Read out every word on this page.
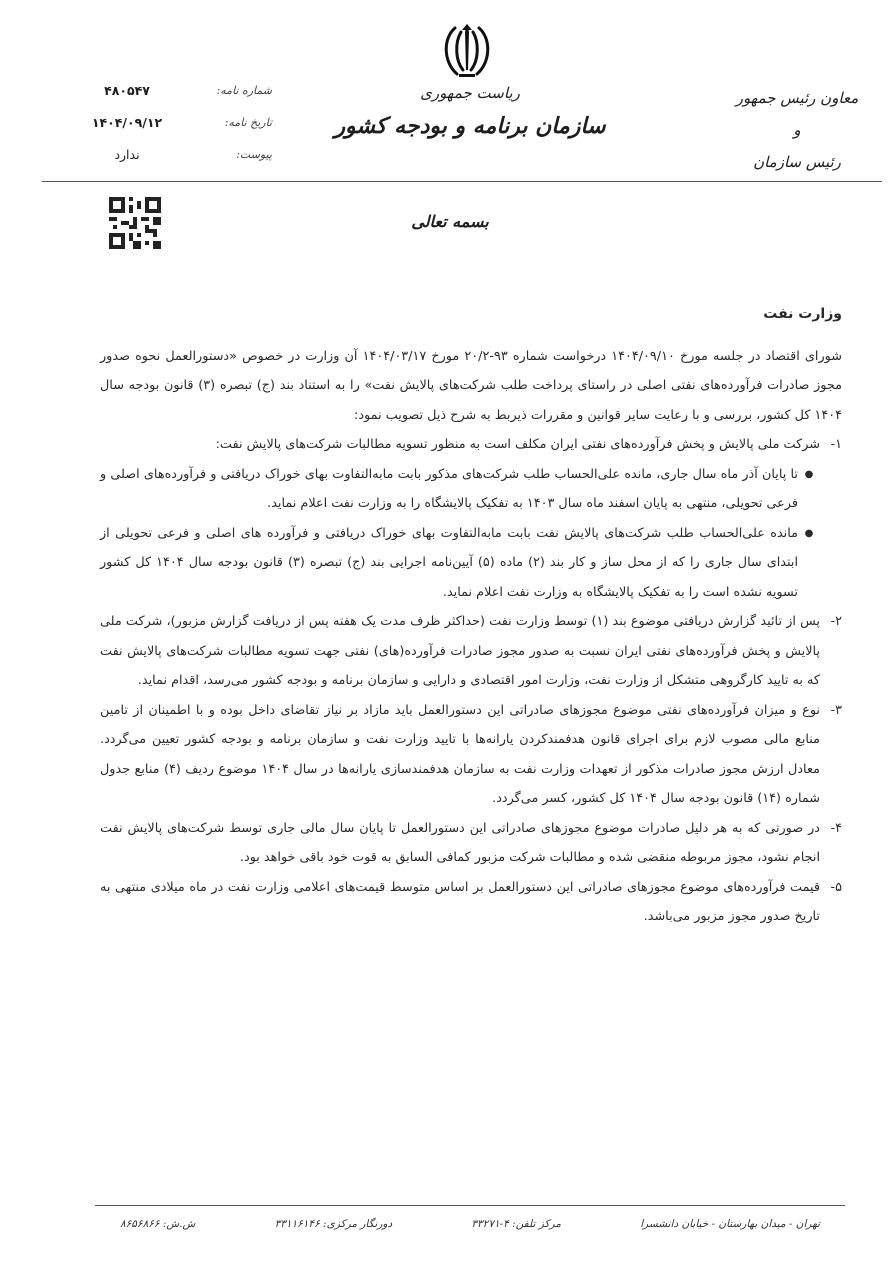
معاون رئیس جمهور
و
رئیس سازمان
ریاست جمهوری
سازمان برنامه و بودجه کشور
شماره نامه:
۴۸۰۵۴۷
تاریخ نامه:
۱۴۰۴/۰۹/۱۲
پیوست:
ندارد
بسمه تعالی
وزارت نفت

شورای اقتصاد در جلسه مورخ ۱۴۰۴/۰۹/۱۰ درخواست شماره ۹۳-۲۰/۲ مورخ ۱۴۰۴/۰۳/۱۷ آن وزارت در خصوص «دستورالعمل نحوه صدور مجوز صادرات فرآورده‌های نفتی اصلی در راستای پرداخت طلب شرکت‌های پالایش نفت» را به استناد بند (ج) تبصره (۳) قانون بودجه سال ۱۴۰۴ کل کشور، بررسی و با رعایت سایر قوانین و مقررات ذیربط به شرح ذیل تصویب نمود:

۱-
شرکت ملی پالایش و پخش فرآورده‌های نفتی ایران مکلف است به منظور تسویه مطالبات شرکت‌های پالایش نفت:
●
تا پایان آذر ماه سال جاری، مانده علی‌الحساب طلب شرکت‌های مذکور بابت مابه‌التفاوت بهای خوراک دریافتی و فرآورده‌های اصلی و فرعی تحویلی، منتهی به پایان اسفند ماه سال ۱۴۰۳ به تفکیک پالایشگاه را به وزارت نفت اعلام نماید.
●
مانده علی‌الحساب طلب شرکت‌های پالایش نفت بابت مابه‌التفاوت بهای خوراک دریافتی و فرآورده های اصلی و فرعی تحویلی از ابتدای سال جاری را که از محل ساز و کار بند (۲) ماده (۵) آیین‌نامه اجرایی بند (ج) تبصره (۳) قانون بودجه سال ۱۴۰۴ کل کشور تسویه نشده است را به تفکیک پالایشگاه به وزارت نفت اعلام نماید.
۲-
پس از تائید گزارش دریافتی موضوع بند (۱) توسط وزارت نفت (حداکثر ظرف مدت یک هفته پس از دریافت گزارش مزبور)، شرکت ملی پالایش و پخش فرآورده‌های نفتی ایران نسبت به صدور مجوز صادرات فرآورده(های) نفتی جهت تسویه مطالبات شرکت‌های پالایش نفت که به تایید کارگروهی متشکل از وزارت نفت، وزارت امور اقتصادی و دارایی و سازمان برنامه و بودجه کشور می‌رسد، اقدام نماید.
۳-
نوع و میزان فرآورده‌های نفتی موضوع مجوزهای صادراتی این دستورالعمل باید مازاد بر نیاز تقاضای داخل بوده و با اطمینان از تامین منابع مالی مصوب لازم برای اجرای قانون هدفمندکردن یارانه‌ها با تایید وزارت نفت و سازمان برنامه و بودجه کشور تعیین می‌گردد. معادل ارزش مجوز صادرات مذکور از تعهدات وزارت نفت به سازمان هدفمندسازی یارانه‌ها در سال ۱۴۰۴ موضوع ردیف (۴) منابع جدول شماره (۱۴) قانون بودجه سال ۱۴۰۴ کل کشور، کسر می‌گردد.
۴-
در صورتی که به هر دلیل صادرات موضوع مجوزهای صادراتی این دستورالعمل تا پایان سال مالی جاری توسط شرکت‌های پالایش نفت انجام نشود، مجوز مربوطه منقضی شده و مطالبات شرکت مزبور کمافی السابق به قوت خود باقی خواهد بود.
۵-
قیمت فرآورده‌های موضوع مجوزهای صادراتی این دستورالعمل بر اساس متوسط قیمت‌های اعلامی وزارت نفت در ماه میلادی منتهی به تاریخ صدور مجوز مزبور می‌باشد.
تهران - میدان بهارستان - خیابان دانشسرا
مرکز تلفن: ۴-۳۳۲۷۱
دورنگار مرکزی: ۳۳۱۱۶۱۴۶
ش.ش: ۸۶۵۶۸۶۶
